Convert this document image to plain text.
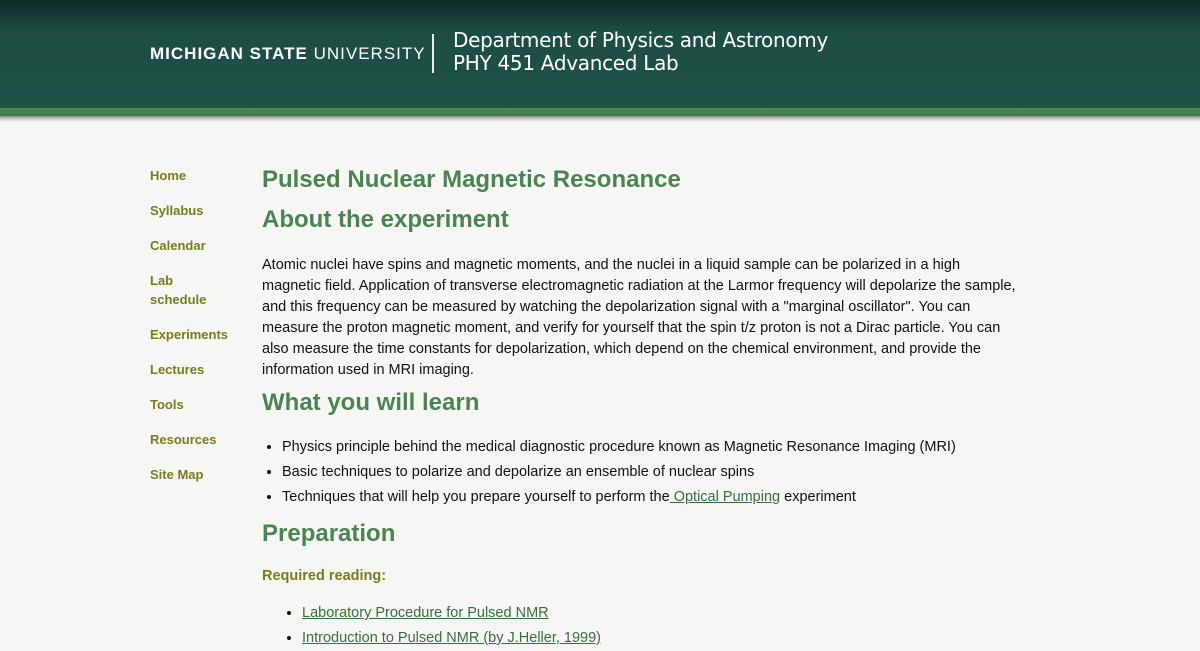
MICHIGAN STATE UNIVERSITY
Department of Physics and Astronomy
PHY 451 Advanced Lab
Home
Syllabus
Calendar
Lab schedule
Experiments
Lectures
Tools
Resources
Site Map
Pulsed Nuclear Magnetic Resonance
About the experiment

Atomic nuclei have spins and magnetic moments, and the nuclei in a liquid sample can be polarized in a high magnetic field. Application of transverse electromagnetic radiation at the Larmor frequency will depolarize the sample, and this frequency can be measured by watching the depolarization signal with a "marginal oscillator". You can measure the proton magnetic moment, and verify for yourself that the spin t/z proton is not a Dirac particle. You can also measure the time constants for depolarization, which depend on the chemical environment, and provide the information used in MRI imaging.

What you will learn
• Physics principle behind the medical diagnostic procedure known as Magnetic Resonance Imaging (MRI)
• Basic techniques to polarize and depolarize an ensemble of nuclear spins
• Techniques that will help you prepare yourself to perform the Optical Pumping experiment
Preparation

Required reading:

• Laboratory Procedure for Pulsed NMR
• Introduction to Pulsed NMR (by J.Heller, 1999)
